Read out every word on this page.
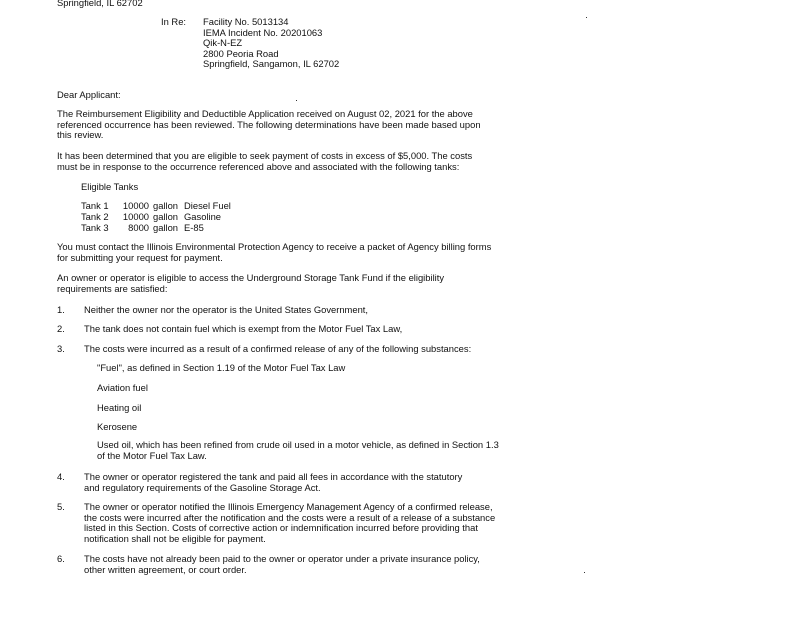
Springfield, IL 62702
In Re: Facility No. 5013134
IEMA Incident No. 20201063
Qik-N-EZ
2800 Peoria Road
Springfield, Sangamon, IL 62702
Dear Applicant:
The Reimbursement Eligibility and Deductible Application received on August 02, 2021 for the above
referenced occurrence has been reviewed. The following determinations have been made based upon
this review.
It has been determined that you are eligible to seek payment of costs in excess of $5,000. The costs
must be in response to the occurrence referenced above and associated with the following tanks:
Eligible Tanks
Tank 1 10000 gallon Diesel Fuel
Tank 2 10000 gallon Gasoline
Tank 3	8000 gallon E-85
You must contact the Illinois Environmental Protection Agency to receive a packet of Agency billing forms
for submitting your request for payment.
An owner or operator is eligible to access the Underground Storage Tank Fund if the eligibility
requirements are satisfied:
1. Neither the owner nor the operator is the United States Government,
2. The tank does not contain fuel which is exempt from the Motor Fuel Tax Law,
3. The costs were incurred as a result of a confirmed release of any of the following substances:
"Fuel", as defined in Section 1.19 of the Motor Fuel Tax Law
Aviation fuel
Heating oil
Kerosene
Used oil, which has been refined from crude oil used in a motor vehicle, as defined in Section 1.3
of the Motor Fuel Tax Law.
4. The owner or operator registered the tank and paid all fees in accordance with the statutory
and regulatory requirements of the Gasoline Storage Act.
5. The owner or operator notified the Illinois Emergency Management Agency of a confirmed release,
the costs were incurred after the notification and the costs were a result of a release of a substance
listed in this Section. Costs of corrective action or indemnification incurred before providing that
notification shall not be eligible for payment.
6. The costs have not already been paid to the owner or operator under a private insurance policy,
other written agreement, or court order.
